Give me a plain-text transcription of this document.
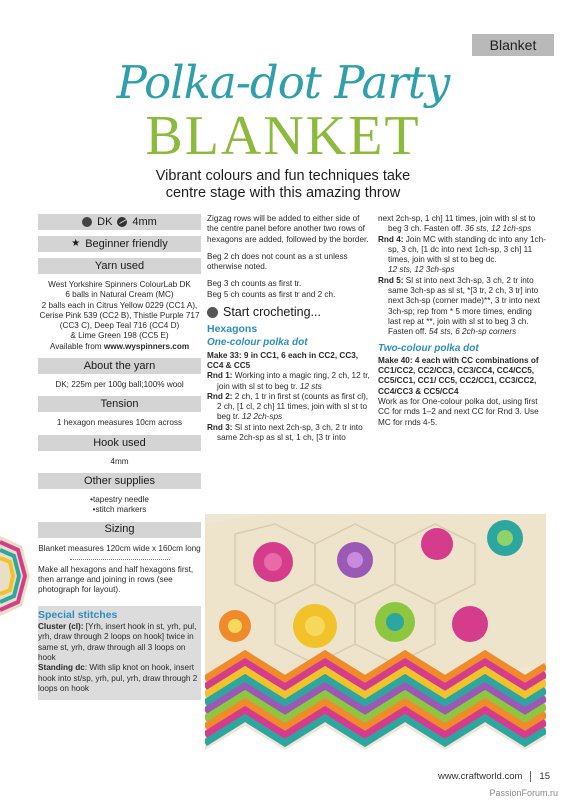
Blanket
Polka-dot Party
BLANKET
Vibrant colours and fun techniques take
centre stage with this amazing throw
DK 4mm
★ Beginner friendly
Yarn used
West Yorkshire Spinners ColourLab DK
6 balls in Natural Cream (MC)
2 balls each in Citrus Yellow 0229 (CC1 A),
Cerise Pink 539 (CC2 B), Thistle Purple 717
(CC3 C), Deep Teal 716 (CC4 D)
& Lime Green 198 (CC5 E)
Available from www.wyspinners.com
About the yarn
DK; 225m per 100g ball;100% wool
Tension
1 hexagon measures 10cm across
Hook used
4mm
Other supplies
• tapestry needle
• stitch markers
Sizing
Blanket measures 120cm wide x 160cm long
Make all hexagons and half hexagons first, then arrange and joining in rows (see photograph for layout).
Special stitches
Cluster (cl): [Yrh, insert hook in st, yrh, pul, yrh, draw through 2 loops on hook] twice in same st, yrh, draw through all 3 loops on hook
Standing dc: With slip knot on hook, insert hook into st/sp, yrh, pul, yrh, draw through 2 loops on hook

Zigzag rows will be added to either side of the centre panel before another two rows of hexagons are added, followed by the border.

Beg 2 ch does not count as a st unless otherwise noted.

Beg 3 ch counts as first tr.

Beg 5 ch counts as first tr and 2 ch.

Start crocheting...
Hexagons
One-colour polka dot

Make 33: 9 in CC1, 6 each in CC2, CC3, CC4 & CC5

Rnd 1: Working into a magic ring, 2 ch, 12 tr, join with sl st to beg tr. 12 sts

Rnd 2: 2 ch, 1 tr in first st (counts as first cl), 2 ch, [1 cl, 2 ch] 11 times, join with sl st to beg tr. 12 2ch-sps

Rnd 3: Sl st into next 2ch-sp, 3 ch, 2 tr into same 2ch-sp as sl st, 1 ch, [3 tr into

next 2ch-sp, 1 ch] 11 times, join with sl st to beg 3 ch. Fasten off. 36 sts, 12 1ch-sps

Rnd 4: Join MC with standing dc into any 1ch-sp, 3 ch, [1 dc into next 1ch-sp, 3 ch] 11 times, join with sl st to beg dc.
12 sts, 12 3ch-sps

Rnd 5: Sl st into next 3ch-sp, 3 ch, 2 tr into same 3ch-sp as sl st, *[3 tr, 2 ch, 3 tr] into next 3ch-sp (corner made)**, 3 tr into next 3ch-sp; rep from * 5 more times, ending last rep at **, join with sl st to beg 3 ch. Fasten off. 54 sts, 6 2ch-sp corners

Two-colour polka dot

Make 40: 4 each with CC combinations of CC1/CC2, CC2/CC3, CC3/CC4, CC4/CC5, CC5/CC1, CC1/ CC5, CC2/CC1, CC3/CC2, CC4/CC3 & CC5/CC4

Work as for One-colour polka dot, using first CC for rnds 1–2 and next CC for Rnd 3. Use MC for rnds 4-5.

www.craftworld.com 15
PassionForum.ru
